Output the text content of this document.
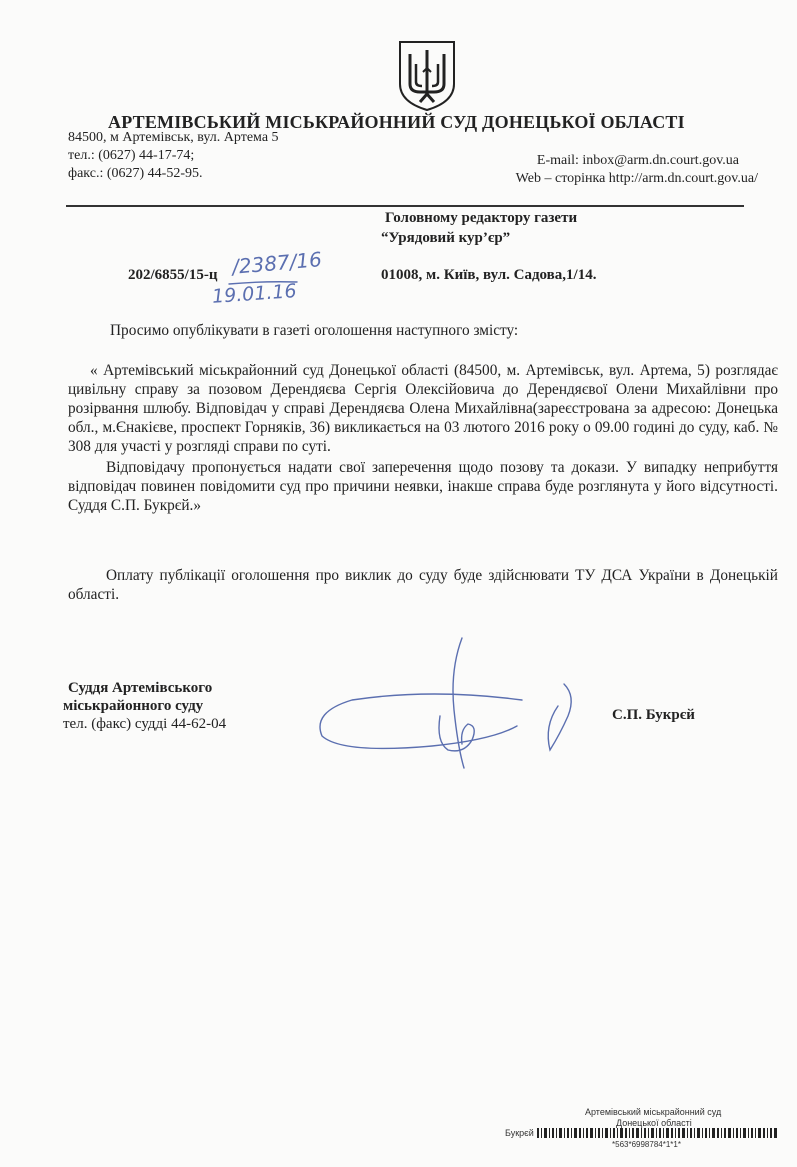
АРТЕМІВСЬКИЙ МІСЬКРАЙОННИЙ СУД ДОНЕЦЬКОЇ ОБЛАСТІ
84500, м Артемівськ, вул. Артема 5
тел.: (0627) 44-17-74;
факс.: (0627) 44-52-95.
E-mail: inbox@arm.dn.court.gov.ua
Web – сторінка http://arm.dn.court.gov.ua/
Головному редактору газети
“Урядовий кур’єр”
202/6855/15-ц /2387/16
19.01.16
01008, м. Київ, вул. Садова,1/14.
Просимо опублікувати в газеті оголошення наступного змісту:
« Артемівський міськрайонний суд Донецької області (84500, м. Артемівськ, вул. Артема, 5) розглядає цивільну справу за позовом Дерендяєва Сергія Олексійовича до Дерендяєвої Олени Михайлівни про розірвання шлюбу. Відповідач у справі Дерендяєва Олена Михайлівна(зареєстрована за адресою: Донецька обл., м.Єнакієве, проспект Горняків, 36) викликається на 03 лютого 2016 року о 09.00 годині до суду, каб. № 308 для участі у розгляді справи по суті.
Відповідачу пропонується надати свої заперечення щодо позову та докази. У випадку неприбуття відповідач повинен повідомити суд про причини неявки, інакше справа буде розглянута у його відсутності. Суддя С.П. Букрєй.»
Оплату публікації оголошення про виклик до суду буде здійснювати ТУ ДСА України в Донецькій області.
Суддя Артемівського
міськрайонного суду
тел. (факс) судді 44-62-04
С.П. Букрєй
Артемівський міськрайонний суд
Донецької області
Букрєй
*563*6998784*1*1*
